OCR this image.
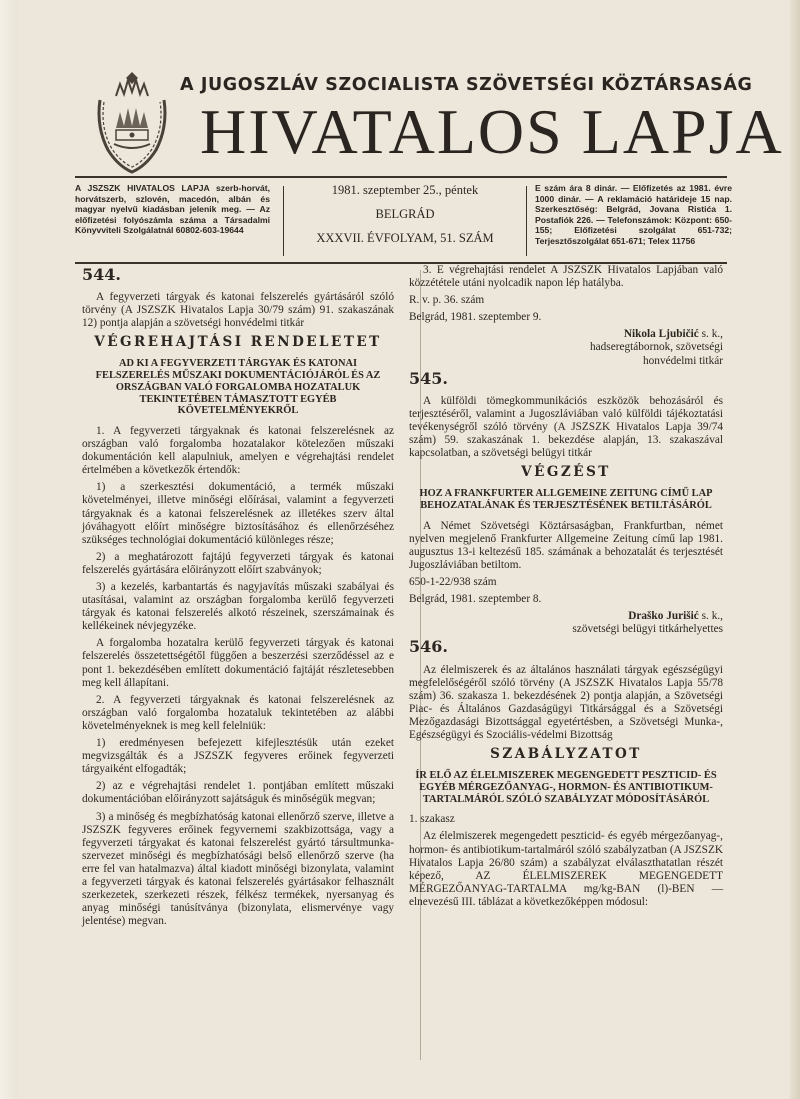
A JUGOSZLÁV SZOCIALISTA SZÖVETSÉGI KÖZTÁRSASÁG
HIVATALOS LAPJA
A JSZSZK HIVATALOS LAPJA szerb-horvát, horvátszerb, szlovén, macedón, albán és magyar nyelvű kiadásban jelenik meg. — Az előfizetési folyószámla száma a Társadalmi Könyvviteli Szolgálatnál 60802-603-19644
1981. szeptember 25., péntek
BELGRÁD
XXXVII. ÉVFOLYAM, 51. SZÁM
E szám ára 8 dinár. — Előfizetés az 1981. évre 1000 dinár. — A reklamáció határideje 15 nap. Szerkesztőség: Belgrád, Jovana Ristića 1. Postafiók 226. — Telefonszámok: Központ: 650-155; Előfizetési szolgálat 651-732; Terjesztőszolgálat 651-671; Telex 11756
544.

A fegyverzeti tárgyak és katonai felszerelés gyártásáról szóló törvény (A JSZSZK Hivatalos Lapja 30/79 szám) 91. szakaszának 12) pontja alapján a szövetségi honvédelmi titkár

VÉGREHAJTÁSI RENDELETET
AD KI A FEGYVERZETI TÁRGYAK ÉS KATONAI FELSZERELÉS MŰSZAKI DOKUMENTÁCIÓJÁRÓL ÉS AZ ORSZÁGBAN VALÓ FORGALOMBA HOZATALUK TEKINTETÉBEN TÁMASZTOTT EGYÉB KÖVETELMÉNYEKRŐL

1. A fegyverzeti tárgyaknak és katonai felszerelésnek az országban való forgalomba hozatalakor kötelezően műszaki dokumentáción kell alapulniuk, amelyen e végrehajtási rendelet értelmében a következők értendők:

1) a szerkesztési dokumentáció, a termék műszaki követelményei, illetve minőségi előírásai, valamint a fegyverzeti tárgyaknak és a katonai felszerelésnek az illetékes szerv által jóváhagyott előírt minőségre biztosításához és ellenőrzéséhez szükséges technológiai dokumentáció különleges része;

2) a meghatározott fajtájú fegyverzeti tárgyak és katonai felszerelés gyártására előirányzott előírt szabványok;

3) a kezelés, karbantartás és nagyjavítás műszaki szabályai és utasításai, valamint az országban forgalomba kerülő fegyverzeti tárgyak és katonai felszerelés alkotó részeinek, szerszámainak és kellékeinek névjegyzéke.

A forgalomba hozatalra kerülő fegyverzeti tárgyak és katonai felszerelés összetettségétől függően a beszerzési szerződéssel az e pont 1. bekezdésében említett dokumentáció fajtáját részletesebben meg kell állapítani.

2. A fegyverzeti tárgyaknak és katonai felszerelésnek az országban való forgalomba hozataluk tekintetében az alábbi követelményeknek is meg kell felelniük:

1) eredményesen befejezett kifejlesztésük után ezeket megvizsgálták és a JSZSZK fegyveres erőinek fegyverzeti tárgyaiként elfogadták;

2) az e végrehajtási rendelet 1. pontjában említett műszaki dokumentációban előirányzott sajátságuk és minőségük megvan;

3) a minőség és megbízhatóság katonai ellenőrző szerve, illetve a JSZSZK fegyveres erőinek fegyvernemi szakbizottsága, vagy a fegyverzeti tárgyakat és katonai felszerelést gyártó társultmunka-szervezet minőségi és megbízhatósági belső ellenőrző szerve (ha erre fel van hatalmazva) által kiadott minőségi bizonylata, valamint a fegyverzeti tárgyak és katonai felszerelés gyártásakor felhasznált szerkezetek, szerkezeti részek, félkész termékek, nyersanyag és anyag minőségi tanúsítványa (bizonylata, elismervénye vagy jelentése) megvan.

3. E végrehajtási rendelet A JSZSZK Hivatalos Lapjában való közzététele utáni nyolcadik napon lép hatályba.

R. v. p. 36. szám

Belgrád, 1981. szeptember 9.

Nikola Ljubičić s. k.,
hadseregtábornok, szövetségi
honvédelmi titkár
545.

A külföldi tömegkommunikációs eszközök behozásáról és terjesztéséről, valamint a Jugoszláviában való külföldi tájékoztatási tevékenységről szóló törvény (A JSZSZK Hivatalos Lapja 39/74 szám) 59. szakaszának 1. bekezdése alapján, 13. szakaszával kapcsolatban, a szövetségi belügyi titkár

VÉGZÉST
HOZ A FRANKFURTER ALLGEMEINE ZEITUNG CÍMŰ LAP BEHOZATALÁNAK ÉS TERJESZTÉSÉNEK BETILTÁSÁRÓL

A Német Szövetségi Köztársaságban, Frankfurtban, német nyelven megjelenő Frankfurter Allgemeine Zeitung című lap 1981. augusztus 13-i keltezésű 185. számának a behozatalát és terjesztését Jugoszláviában betiltom.

650-1-22/938 szám

Belgrád, 1981. szeptember 8.

Draško Jurišić s. k.,
szövetségi belügyi titkárhelyettes
546.

Az élelmiszerek és az általános használati tárgyak egészségügyi megfelelőségéről szóló törvény (A JSZSZK Hivatalos Lapja 55/78 szám) 36. szakasza 1. bekezdésének 2) pontja alapján, a Szövetségi Piac- és Általános Gazdaságügyi Titkársággal és a Szövetségi Mezőgazdasági Bizottsággal egyetértésben, a Szövetségi Munka-, Egészségügyi és Szociális-védelmi Bizottság

SZABÁLYZATOT
ÍR ELŐ AZ ÉLELMISZEREK MEGENGEDETT PESZTICID- ÉS EGYÉB MÉRGEZŐANYAG-, HORMON- ÉS ANTIBIOTIKUM-TARTALMÁRÓL SZÓLÓ SZABÁLYZAT MÓDOSÍTÁSÁRÓL

1. szakasz

Az élelmiszerek megengedett peszticid- és egyéb mérgezőanyag-, hormon- és antibiotikum-tartalmáról szóló szabályzatban (A JSZSZK Hivatalos Lapja 26/80 szám) a szabályzat elválaszthatatlan részét képező, AZ ÉLELMISZEREK MEGENGEDETT MÉRGEZŐANYAG-TARTALMA mg/kg-BAN (l)-BEN — elnevezésű III. táblázat a következőképpen módosul:
